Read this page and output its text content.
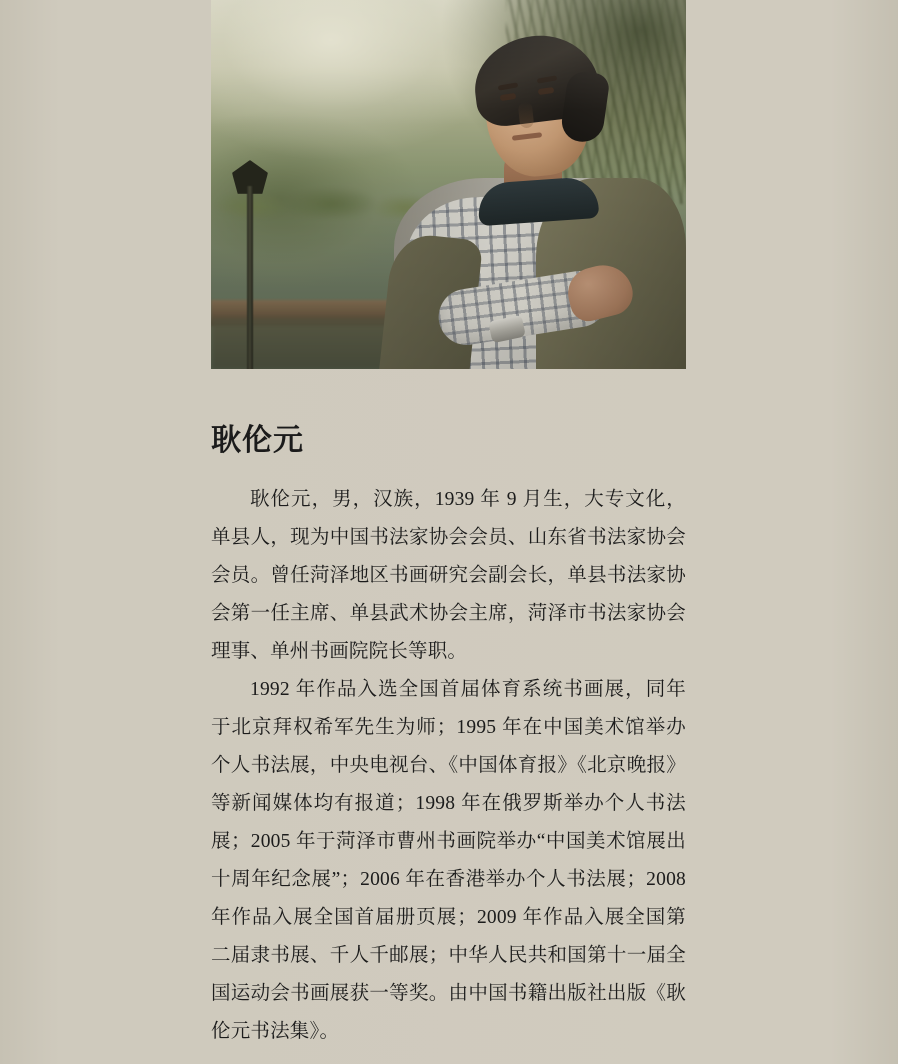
耿伦元

耿伦元，男，汉族，1939 年 9 月生，大专文化，单县人，现为中国书法家协会会员、山东省书法家协会会员。曾任菏泽地区书画研究会副会长，单县书法家协会第一任主席、单县武术协会主席，菏泽市书法家协会理事、单州书画院院长等职。

1992 年作品入选全国首届体育系统书画展，同年于北京拜权希军先生为师；1995 年在中国美术馆举办个人书法展，中央电视台、《中国体育报》《北京晚报》等新闻媒体均有报道；1998 年在俄罗斯举办个人书法展；2005 年于菏泽市曹州书画院举办“中国美术馆展出十周年纪念展”；2006 年在香港举办个人书法展；2008 年作品入展全国首届册页展；2009 年作品入展全国第二届隶书展、千人千邮展；中华人民共和国第十一届全国运动会书画展获一等奖。由中国书籍出版社出版《耿伦元书法集》。
